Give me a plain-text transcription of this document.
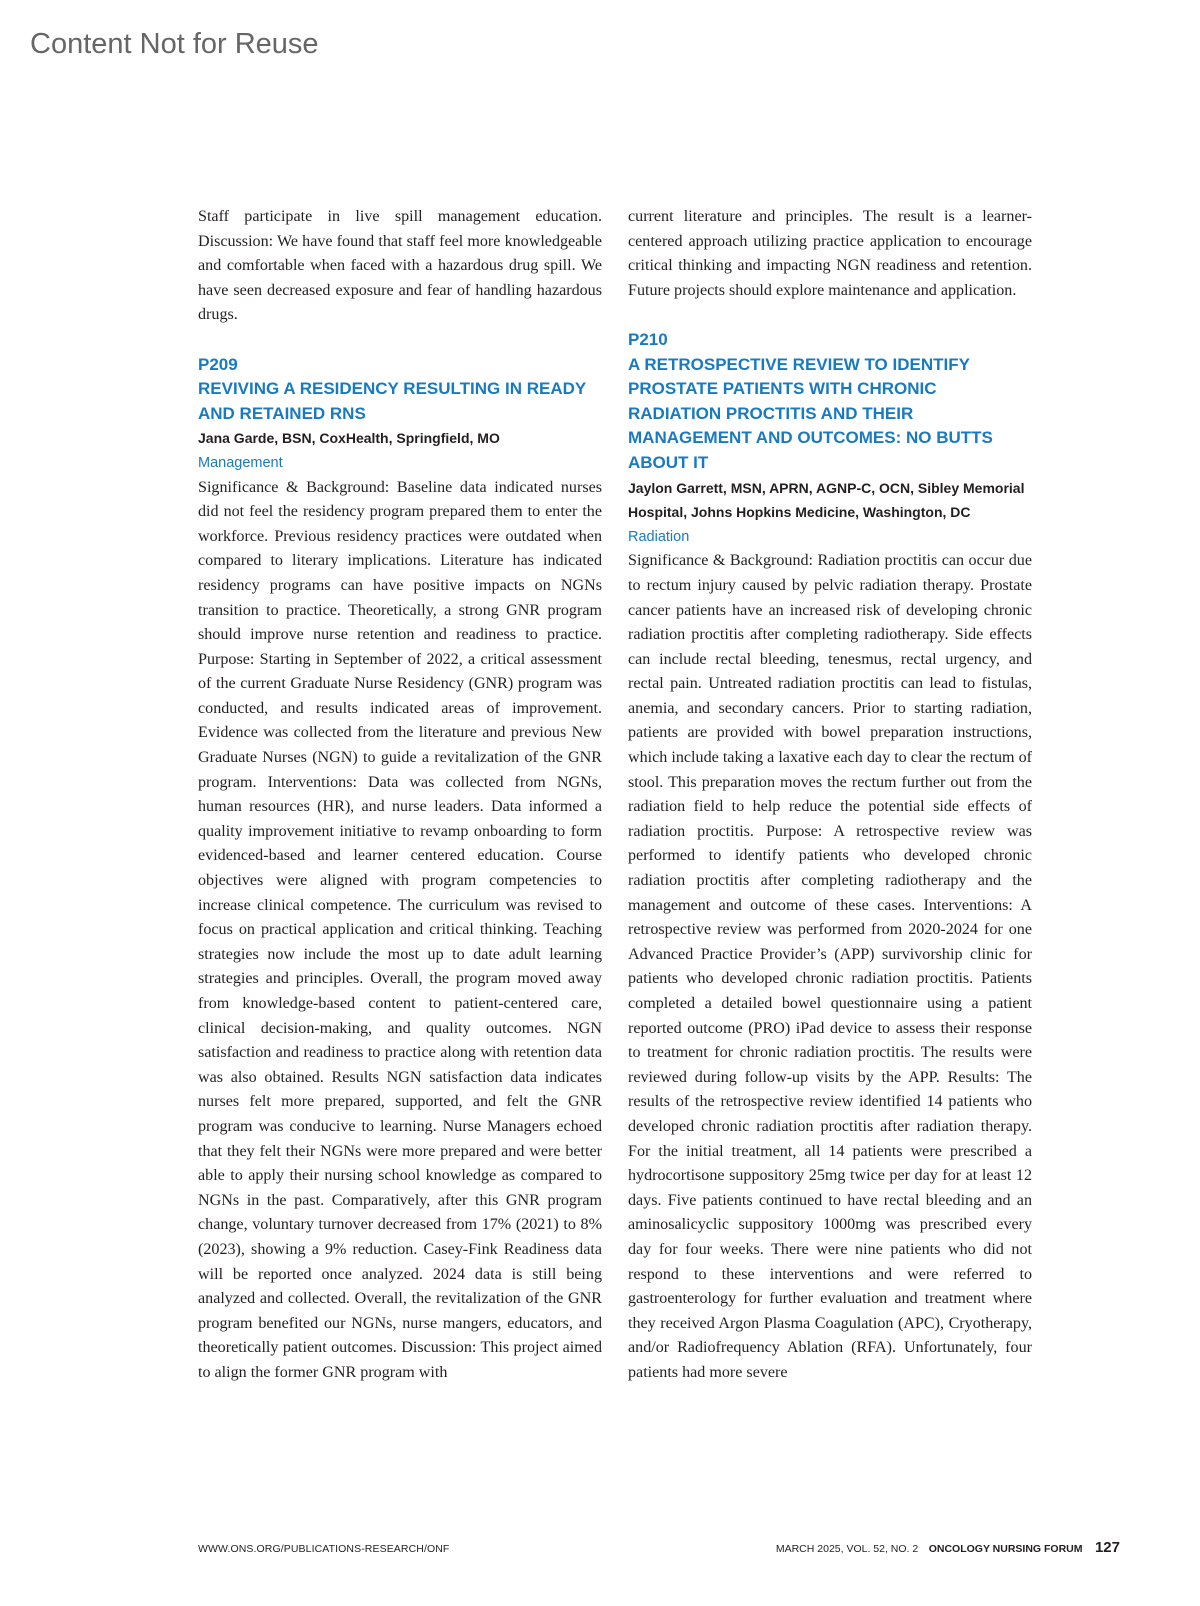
Content Not for Reuse

Staff participate in live spill management education. Discussion: We have found that staff feel more knowledgeable and comfortable when faced with a hazardous drug spill. We have seen decreased exposure and fear of handling hazardous drugs.

P209

REVIVING A RESIDENCY RESULTING IN READY AND RETAINED RNS

Jana Garde, BSN, CoxHealth, Springfield, MO

Management

Significance & Background: Baseline data indicated nurses did not feel the residency program prepared them to enter the workforce. Previous residency practices were outdated when compared to literary implications. Literature has indicated residency programs can have positive impacts on NGNs transition to practice. Theoretically, a strong GNR program should improve nurse retention and readiness to practice. Purpose: Starting in September of 2022, a critical assessment of the current Graduate Nurse Residency (GNR) program was conducted, and results indicated areas of improvement. Evidence was collected from the literature and previous New Graduate Nurses (NGN) to guide a revitalization of the GNR program. Interventions: Data was collected from NGNs, human resources (HR), and nurse leaders. Data informed a quality improvement initiative to revamp onboarding to form evidenced-based and learner centered education. Course objectives were aligned with program competencies to increase clinical competence. The curriculum was revised to focus on practical application and critical thinking. Teaching strategies now include the most up to date adult learning strategies and principles. Overall, the program moved away from knowledge-based content to patient-centered care, clinical decision-making, and quality outcomes. NGN satisfaction and readiness to practice along with retention data was also obtained. Results NGN satisfaction data indicates nurses felt more prepared, supported, and felt the GNR program was conducive to learning. Nurse Managers echoed that they felt their NGNs were more prepared and were better able to apply their nursing school knowledge as compared to NGNs in the past. Comparatively, after this GNR program change, voluntary turnover decreased from 17% (2021) to 8% (2023), showing a 9% reduction. Casey-Fink Readiness data will be reported once analyzed. 2024 data is still being analyzed and collected. Overall, the revitalization of the GNR program benefited our NGNs, nurse mangers, educators, and theoretically patient outcomes. Discussion: This project aimed to align the former GNR program with

current literature and principles. The result is a learner-centered approach utilizing practice application to encourage critical thinking and impacting NGN readiness and retention. Future projects should explore maintenance and application.

P210

A RETROSPECTIVE REVIEW TO IDENTIFY PROSTATE PATIENTS WITH CHRONIC RADIATION PROCTITIS AND THEIR MANAGEMENT AND OUTCOMES: NO BUTTS ABOUT IT

Jaylon Garrett, MSN, APRN, AGNP-C, OCN, Sibley Memorial Hospital, Johns Hopkins Medicine, Washington, DC

Radiation

Significance & Background: Radiation proctitis can occur due to rectum injury caused by pelvic radiation therapy. Prostate cancer patients have an increased risk of developing chronic radiation proctitis after completing radiotherapy. Side effects can include rectal bleeding, tenesmus, rectal urgency, and rectal pain. Untreated radiation proctitis can lead to fistulas, anemia, and secondary cancers. Prior to starting radiation, patients are provided with bowel preparation instructions, which include taking a laxative each day to clear the rectum of stool. This preparation moves the rectum further out from the radiation field to help reduce the potential side effects of radiation proctitis. Purpose: A retrospective review was performed to identify patients who developed chronic radiation proctitis after completing radiotherapy and the management and outcome of these cases. Interventions: A retrospective review was performed from 2020-2024 for one Advanced Practice Provider’s (APP) survivorship clinic for patients who developed chronic radiation proctitis. Patients completed a detailed bowel questionnaire using a patient reported outcome (PRO) iPad device to assess their response to treatment for chronic radiation proctitis. The results were reviewed during follow-up visits by the APP. Results: The results of the retrospective review identified 14 patients who developed chronic radiation proctitis after radiation therapy. For the initial treatment, all 14 patients were prescribed a hydrocortisone suppository 25mg twice per day for at least 12 days. Five patients continued to have rectal bleeding and an aminosalicyclic suppository 1000mg was prescribed every day for four weeks. There were nine patients who did not respond to these interventions and were referred to gastroenterology for further evaluation and treatment where they received Argon Plasma Coagulation (APC), Cryotherapy, and/or Radiofrequency Ablation (RFA). Unfortunately, four patients had more severe

WWW.ONS.ORG/PUBLICATIONS-RESEARCH/ONF	MARCH 2025, VOL. 52, NO. 2 ONCOLOGY NURSING FORUM 127
